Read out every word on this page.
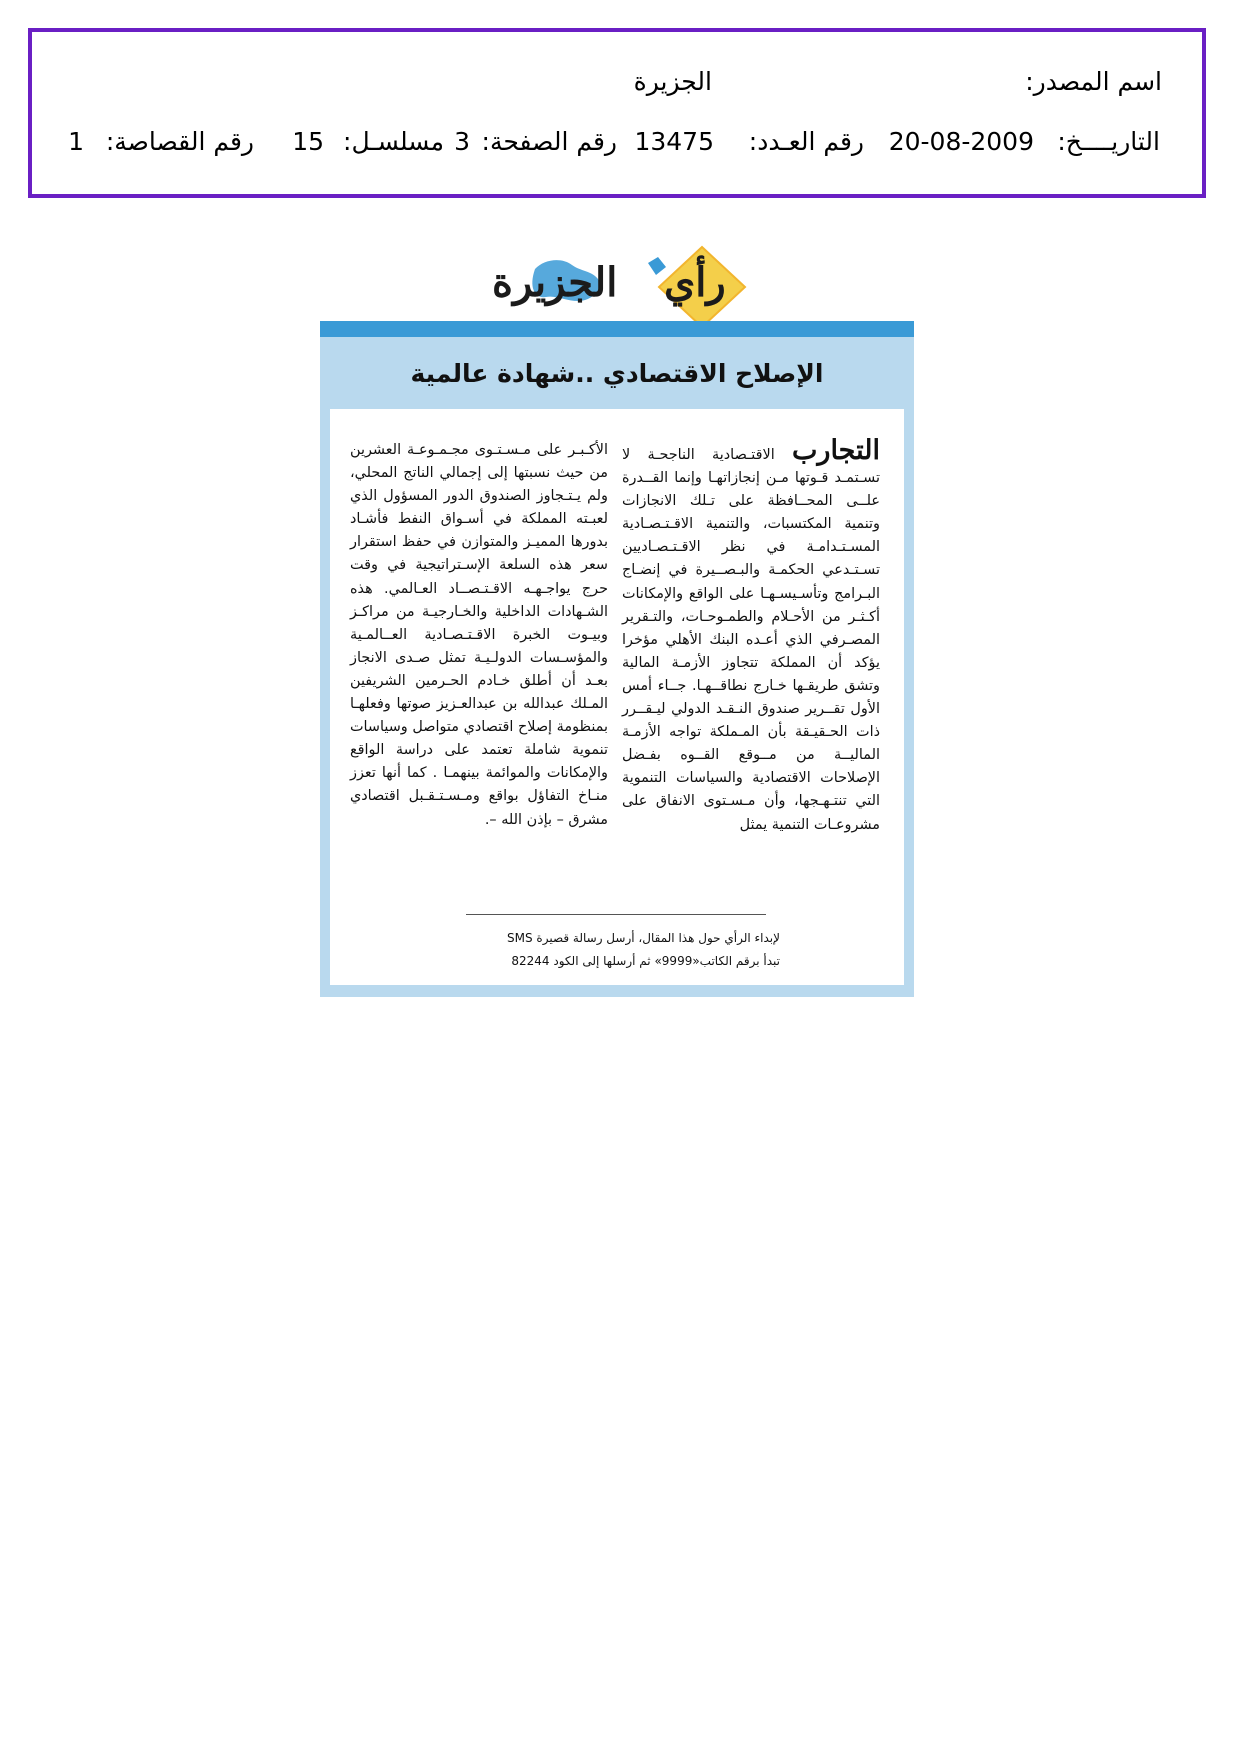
اسم المصدر:
الجزيرة
التاريــــخ:
20-08-2009
رقم العـدد:
13475
رقم الصفحة:
3
مسلسـل:
15
رقم القصاصة:
1
رأي
الجزيرة
الإصلاح الاقتصادي ..شهادة عالمية
التجارب الاقتـصادية الناجحـة لا تسـتمـد قـوتها مـن إنجازاتهـا وإنما القــدرة علــى المحــافظة على تـلك الانجازات وتنمية المكتسبات، والتنمية الاقـتـصـادية المسـتـدامـة في نظر الاقـتـصـاديين تسـتـدعي الحكمـة والبـصــيرة في إنضـاج البـرامج وتأسـيسـهـا على الواقع والإمكانات أكـثـر من الأحـلام والطمـوحـات، والتـقرير المصـرفي الذي أعـده البنك الأهلي مؤخرا يؤكد أن المملكة تتجاوز الأزمـة المالية وتشق طريقـها خـارج نطاقــهـا. جــاء أمس الأول تقــرير صندوق النـقـد الدولي ليـقــرر ذات الحـقيـقة بأن المـملكة تواجه الأزمـة الماليــة من مــوقع القــوه بفـضل الإصلاحات الاقتصادية والسياسات التنموية التي تنتـهـجها، وأن مـسـتوى الانفاق على مشروعـات التنمية يمثل
الأكـبـر على مـسـتـوى مجـمـوعـة العشرين من حيث نسبتها إلى إجمالي الناتج المحلي، ولم يـتـجاوز الصندوق الدور المسؤول الذي لعبـته المملكة في أسـواق النفط فأشـاد بدورها المميـز والمتوازن في حفظ استقرار سعر هذه السلعة الإسـتراتيجية في وقت حرج يواجـهـه الاقـتـصــاد العـالمي. هذه الشـهادات الداخلية والخـارجيـة من مراكـز وبيـوت الخبرة الاقـتـصـادية العــالمـية والمؤسـسات الدولـيـة تمثل صـدى الانجاز بعـد أن أطلق خـادم الحـرمين الشريفين المـلك عبدالله بن عبدالعـزيز صوتها وفعلهـا بمنظومة إصلاح اقتصادي متواصل وسياسات تنموية شاملة تعتمد على دراسة الواقع والإمكانات والموائمة بينهمـا . كما أنها تعزز منـاخ التفاؤل بواقع ومـسـتـقـبل اقتصادي مشرق – بإذن الله –.
لإبداء الرأي حول هذا المقال، أرسل رسالة قصيرة SMS
تبدأ برقم الكاتب«9999» ثم أرسلها إلى الكود 82244
